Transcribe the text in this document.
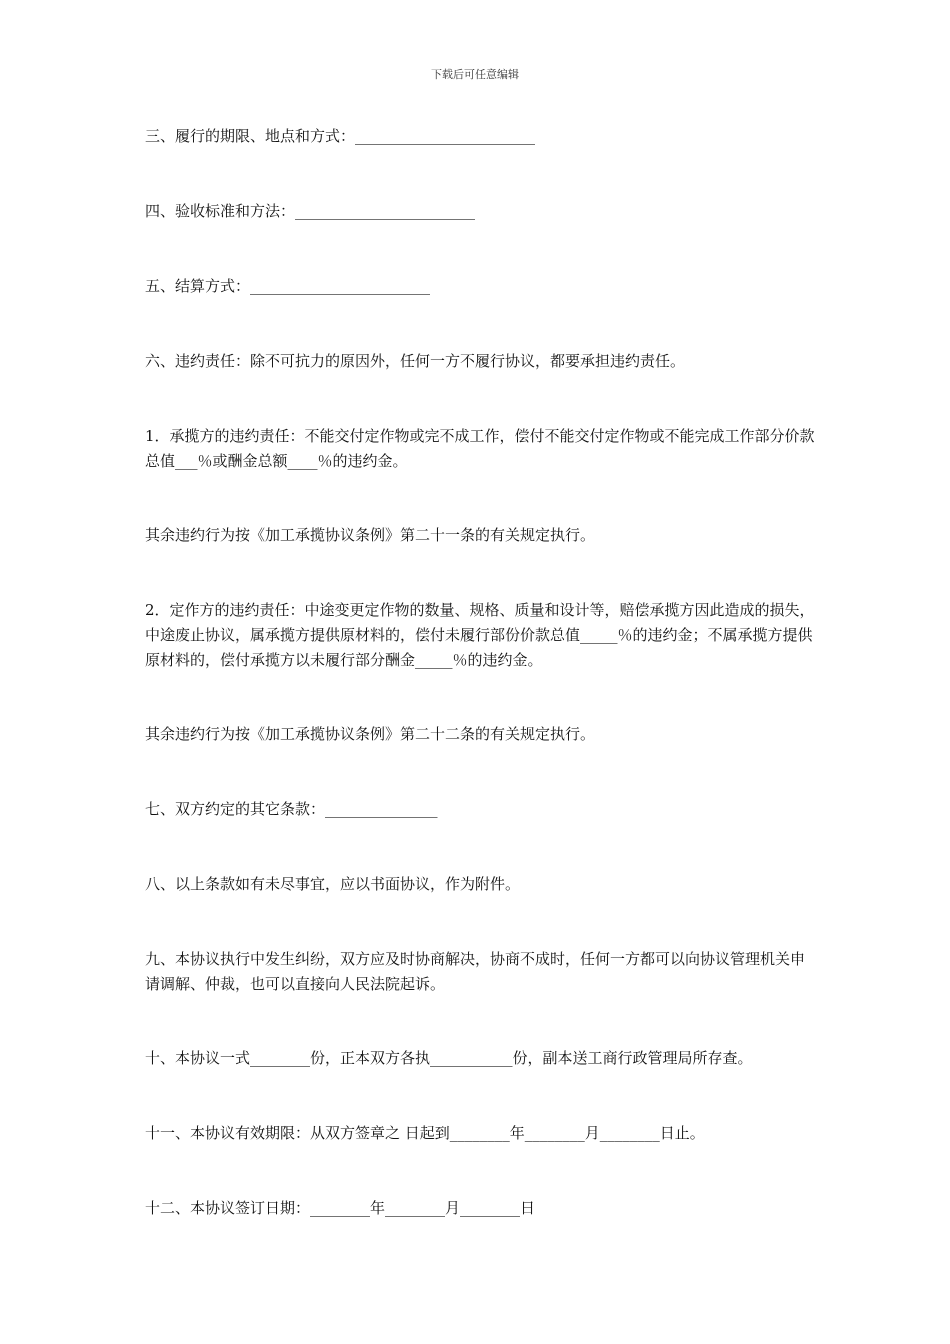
下载后可任意编辑
三、履行的期限、地点和方式：________________________
四、验收标准和方法：________________________
五、结算方式：________________________
六、违约责任：除不可抗力的原因外，任何一方不履行协议，都要承担违约责任。
1．承揽方的违约责任：不能交付定作物或完不成工作，偿付不能交付定作物或不能完成工作部分价款总值___％或酬金总额____％的违约金。
其余违约行为按《加工承揽协议条例》第二十一条的有关规定执行。
2．定作方的违约责任：中途变更定作物的数量、规格、质量和设计等，赔偿承揽方因此造成的损失，中途废止协议，属承揽方提供原材料的，偿付未履行部份价款总值_____％的违约金；不属承揽方提供原材料的，偿付承揽方以未履行部分酬金_____％的违约金。
其余违约行为按《加工承揽协议条例》第二十二条的有关规定执行。
七、双方约定的其它条款：_______________
八、以上条款如有未尽事宜，应以书面协议，作为附件。
九、本协议执行中发生纠纷，双方应及时协商解决，协商不成时，任何一方都可以向协议管理机关申请调解、仲裁，也可以直接向人民法院起诉。
十、本协议一式________份，正本双方各执___________份，副本送工商行政管理局所存查。
十一、本协议有效期限：从双方签章之 日起到________年________月________日止。
十二、本协议签订日期：________年________月________日
